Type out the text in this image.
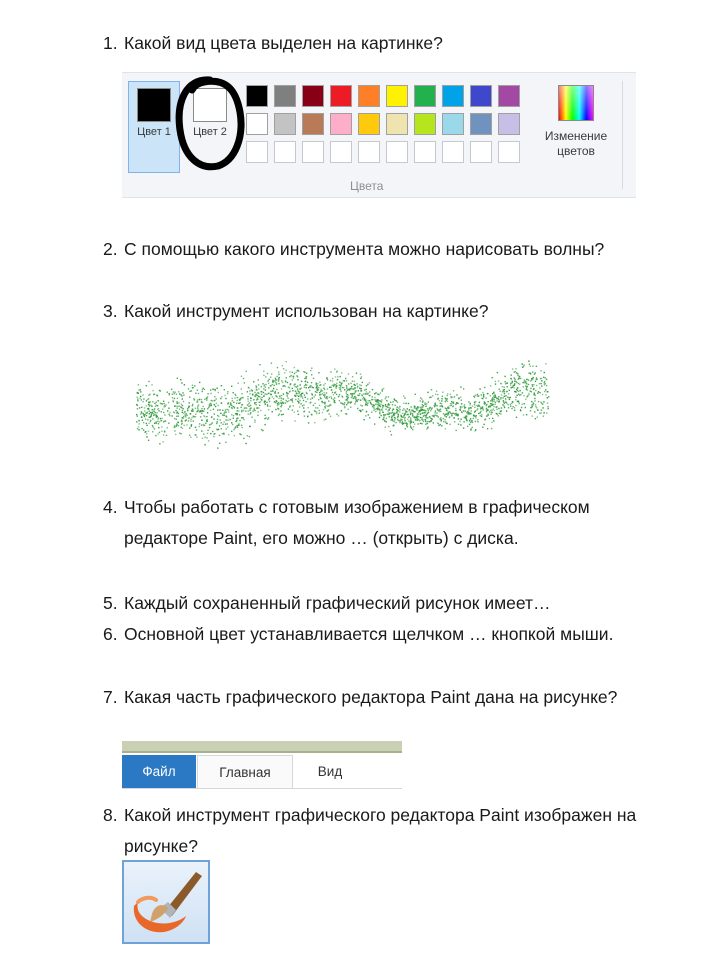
1. Какой вид цвета выделен на картинке?
Цвет 1	Цвет 2	Изменение цветов
Цвета
2. С помощью какого инструмента можно нарисовать волны?
3. Какой инструмент использован на картинке?
4. Чтобы работать с готовым изображением в графическом редакторе Paint, его можно … (открыть) с диска.
5. Каждый сохраненный графический рисунок имеет…
6. Основной цвет устанавливается щелчком … кнопкой мыши.
7. Какая часть графического редактора Paint дана на рисунке?
Файл	Главная	Вид
8. Какой инструмент графического редактора Paint изображен на рисунке?
